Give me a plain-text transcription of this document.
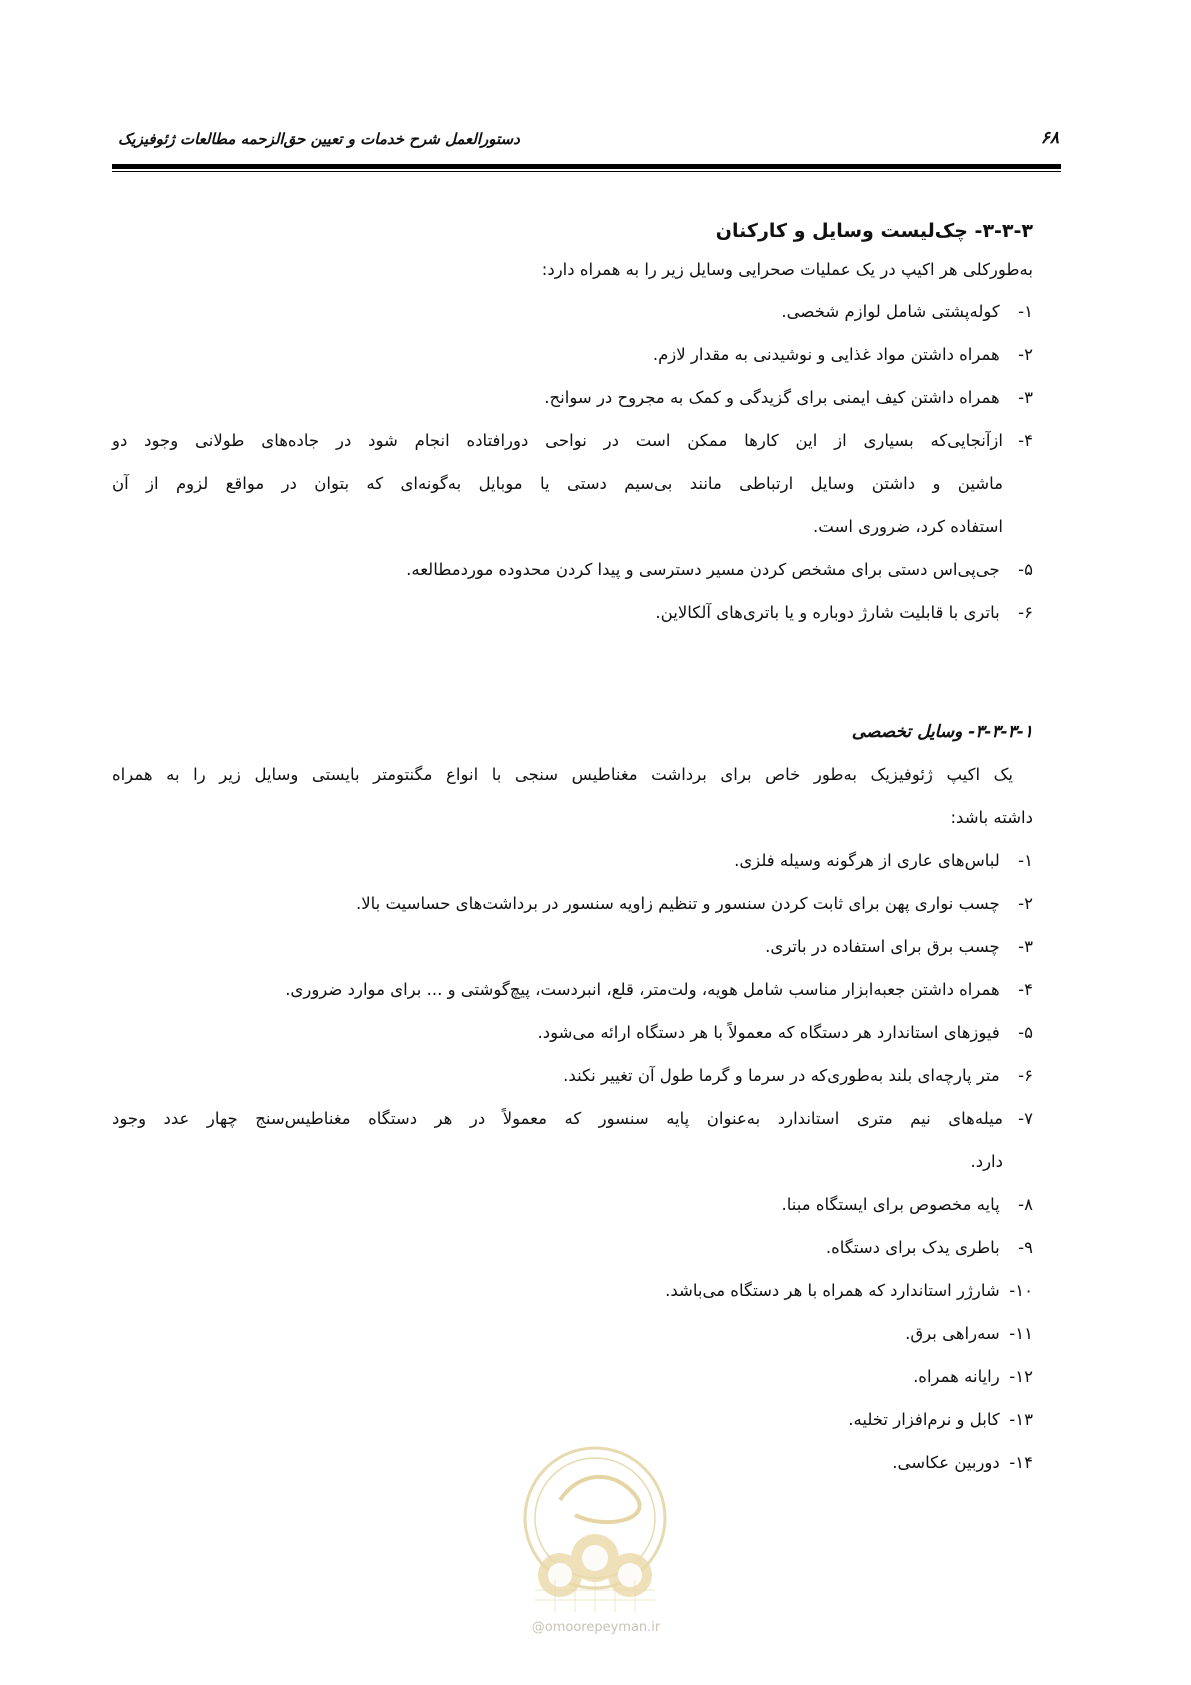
دستورالعمل شرح خدمات و تعیین حق‌الزحمه مطالعات ژئوفیزیک	۶۸
۳-۳-۳- چک‌لیست وسایل و کارکنان
به‌طورکلی هر اکیپ در یک عملیات صحرایی وسایل زیر را به همراه دارد:
۱- کوله‌پشتی شامل لوازم شخصی.
۲- همراه داشتن مواد غذایی و نوشیدنی به مقدار لازم.
۳- همراه داشتن کیف ایمنی برای گزیدگی و کمک به مجروح در سوانح.
۴-
ازآنجایی‌که بسیاری از این کارها ممکن است در نواحی دورافتاده انجام شود در جاده‌های طولانی وجود دو
ماشین و داشتن وسایل ارتباطی مانند بی‌سیم دستی یا موبایل به‌گونه‌ای که بتوان در مواقع لزوم از آن
استفاده کرد، ضروری است.
۵- جی‌پی‌اس دستی برای مشخص کردن مسیر دسترسی و پیدا کردن محدوده موردمطالعه.
۶- باتری با قابلیت شارژ دوباره و یا باتری‌های آلکالاین.
۳-۳-۳-۱- وسایل تخصصی
یک اکیپ ژئوفیزیک به‌طور خاص برای برداشت مغناطیس سنجی با انواع مگنتومتر بایستی وسایل زیر را به همراه
داشته باشد:
۱- لباس‌های عاری از هرگونه وسیله فلزی.
۲- چسب نواری پهن برای ثابت کردن سنسور و تنظیم زاویه سنسور در برداشت‌های حساسیت بالا.
۳- چسب برق برای استفاده در باتری.
۴- همراه داشتن جعبه‌ابزار مناسب شامل هویه، ولت‌متر، قلع، انبردست، پیچ‌گوشتی و ... برای موارد ضروری.
۵- فیوزهای استاندارد هر دستگاه که معمولاً با هر دستگاه ارائه می‌شود.
۶- متر پارچه‌ای بلند به‌طوری‌که در سرما و گرما طول آن تغییر نکند.
۷-
میله‌های نیم متری استاندارد به‌عنوان پایه سنسور که معمولاً در هر دستگاه مغناطیس‌سنج چهار عدد وجود
دارد.
۸- پایه مخصوص برای ایستگاه مبنا.
۹- باطری یدک برای دستگاه.
۱۰- شارژر استاندارد که همراه با هر دستگاه می‌باشد.
۱۱- سه‌راهی برق.
۱۲- رایانه همراه.
۱۳- کابل و نرم‌افزار تخلیه.
۱۴- دوربین عکاسی.
@omoorepeyman.ir
